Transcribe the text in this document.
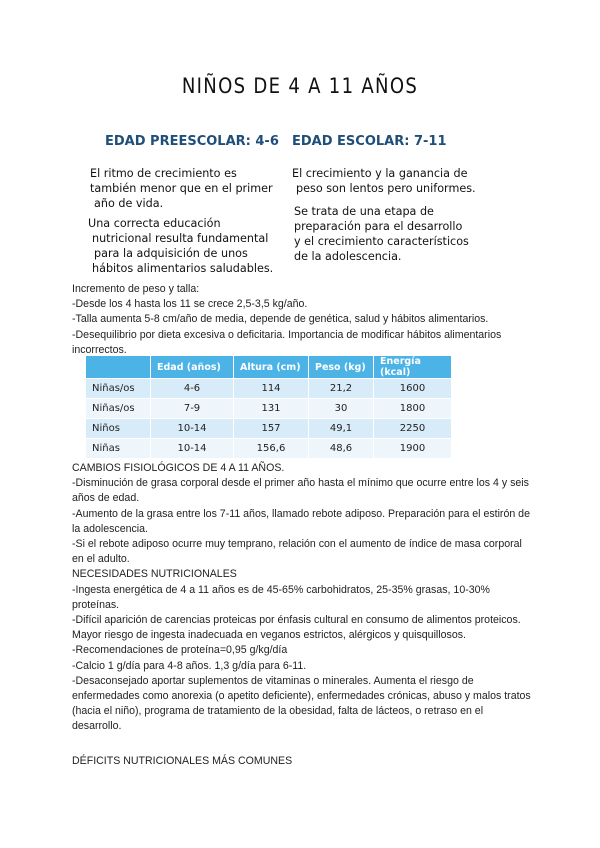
NIÑOS DE 4 A 11 AÑOS
EDAD PREESCOLAR: 4-6 EDAD ESCOLAR: 7-11
El ritmo de crecimiento es
también menor que en el primer
año de vida.
Una correcta educación
nutricional resulta fundamental
para la adquisición de unos
hábitos alimentarios saludables.
El crecimiento y la ganancia de
peso son lentos pero uniformes.
Se trata de una etapa de
preparación para el desarrollo
y el crecimiento característicos
de la adolescencia.

Incremento de peso y talla:

-Desde los 4 hasta los 11 se crece 2,5-3,5 kg/año.

-Talla aumenta 5-8 cm/año de media, depende de genética, salud y hábitos alimentarios.

-Desequilibrio por dieta excesiva o deficitaria. Importancia de modificar hábitos alimentarios incorrectos.

	Edad (años)	Altura (cm)	Peso (kg)	Energía (kcal)
Niñas/os	4-6	114	21,2	1600
Niñas/os	7-9	131	30	1800
Niños	10-14	157	49,1	2250
Niñas	10-14	156,6	48,6	1900

CAMBIOS FISIOLÓGICOS DE 4 A 11 AÑOS.

-Disminución de grasa corporal desde el primer año hasta el mínimo que ocurre entre los 4 y seis años de edad.

-Aumento de la grasa entre los 7-11 años, llamado rebote adiposo. Preparación para el estirón de la adolescencia.

-Si el rebote adiposo ocurre muy temprano, relación con el aumento de índice de masa corporal en el adulto.

NECESIDADES NUTRICIONALES

-Ingesta energética de 4 a 11 años es de 45-65% carbohidratos, 25-35% grasas, 10-30% proteínas.

-Difícil aparición de carencias proteicas por énfasis cultural en consumo de alimentos proteicos. Mayor riesgo de ingesta inadecuada en veganos estrictos, alérgicos y quisquillosos.

-Recomendaciones de proteína=0,95 g/kg/día

-Calcio 1 g/día para 4-8 años. 1,3 g/día para 6-11.

-Desaconsejado aportar suplementos de vitaminas o minerales. Aumenta el riesgo de enfermedades como anorexia (o apetito deficiente), enfermedades crónicas, abuso y malos tratos (hacia el niño), programa de tratamiento de la obesidad, falta de lácteos, o retraso en el desarrollo.

DÉFICITS NUTRICIONALES MÁS COMUNES
